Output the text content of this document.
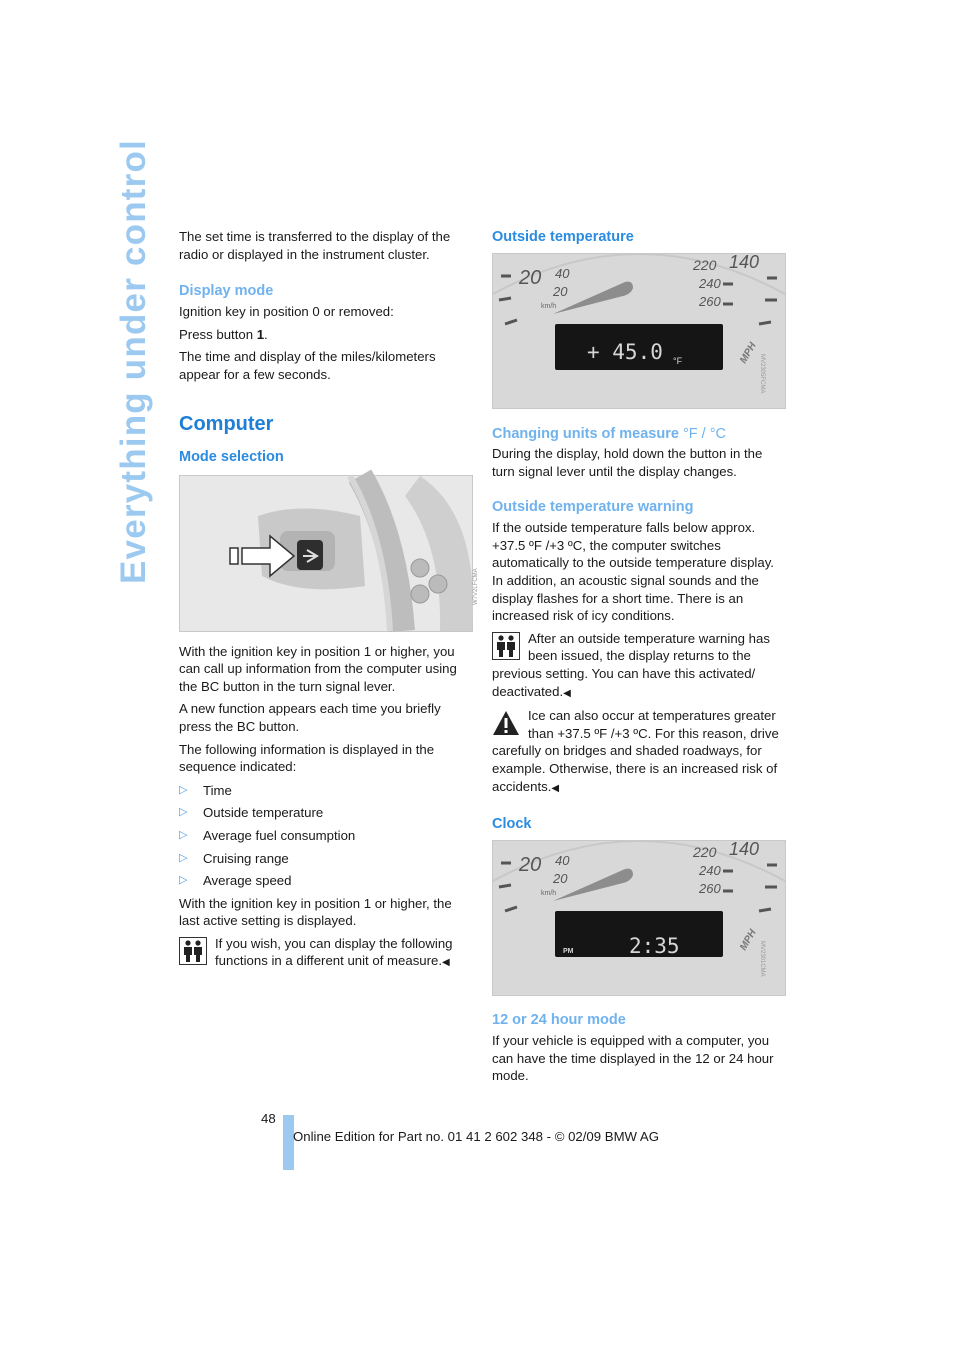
Everything under control The set time is transferred to the display of the radio or displayed in the instrument cluster.

Display mode

Ignition key in position 0 or removed:

Press button 1.

The time and display of the miles/kilometers appear for a few seconds.

Computer
Mode selection
W7V2LFCMA

With the ignition key in position 1 or higher, you can call up information from the computer using the BC button in the turn signal lever.

A new function appears each time you briefly press the BC button.

The following information is displayed in the sequence indicated:

▷ Time
▷ Outside temperature
▷ Average fuel consumption
▷ Cruising range
▷ Average speed

With the ignition key in position 1 or higher, the last active setting is displayed.

If you wish, you can display the following functions in a different unit of measure.◀

Outside temperature
20 40
20
km/h
220 140
240
260
MPH
+ 45.0 °F	MV2305FCMA
Changing units of measure °F / °C

During the display, hold down the button in the turn signal lever until the display changes.

Outside temperature warning

If the outside temperature falls below approx. +37.5 ºF /+3 ºC, the computer switches automatically to the outside temperature display. In addition, an acoustic signal sounds and the display flashes for a short time. There is an increased risk of icy conditions.

After an outside temperature warning has been issued, the display returns to the previous setting. You can have this activated/ deactivated.◀

Ice can also occur at temperatures greater than +37.5 ºF /+3 ºC. For this reason, drive carefully on bridges and shaded roadways, for example. Otherwise, there is an increased risk of accidents.◀

Clock
20 40
20
km/h
220 140
240
260
MPH
PM	2:35	MV2301CMA
12 or 24 hour mode

If your vehicle is equipped with a computer, you can have the time displayed in the 12 or 24 hour mode.

48
Online Edition for Part no. 01 41 2 602 348 - © 02/09 BMW AG
